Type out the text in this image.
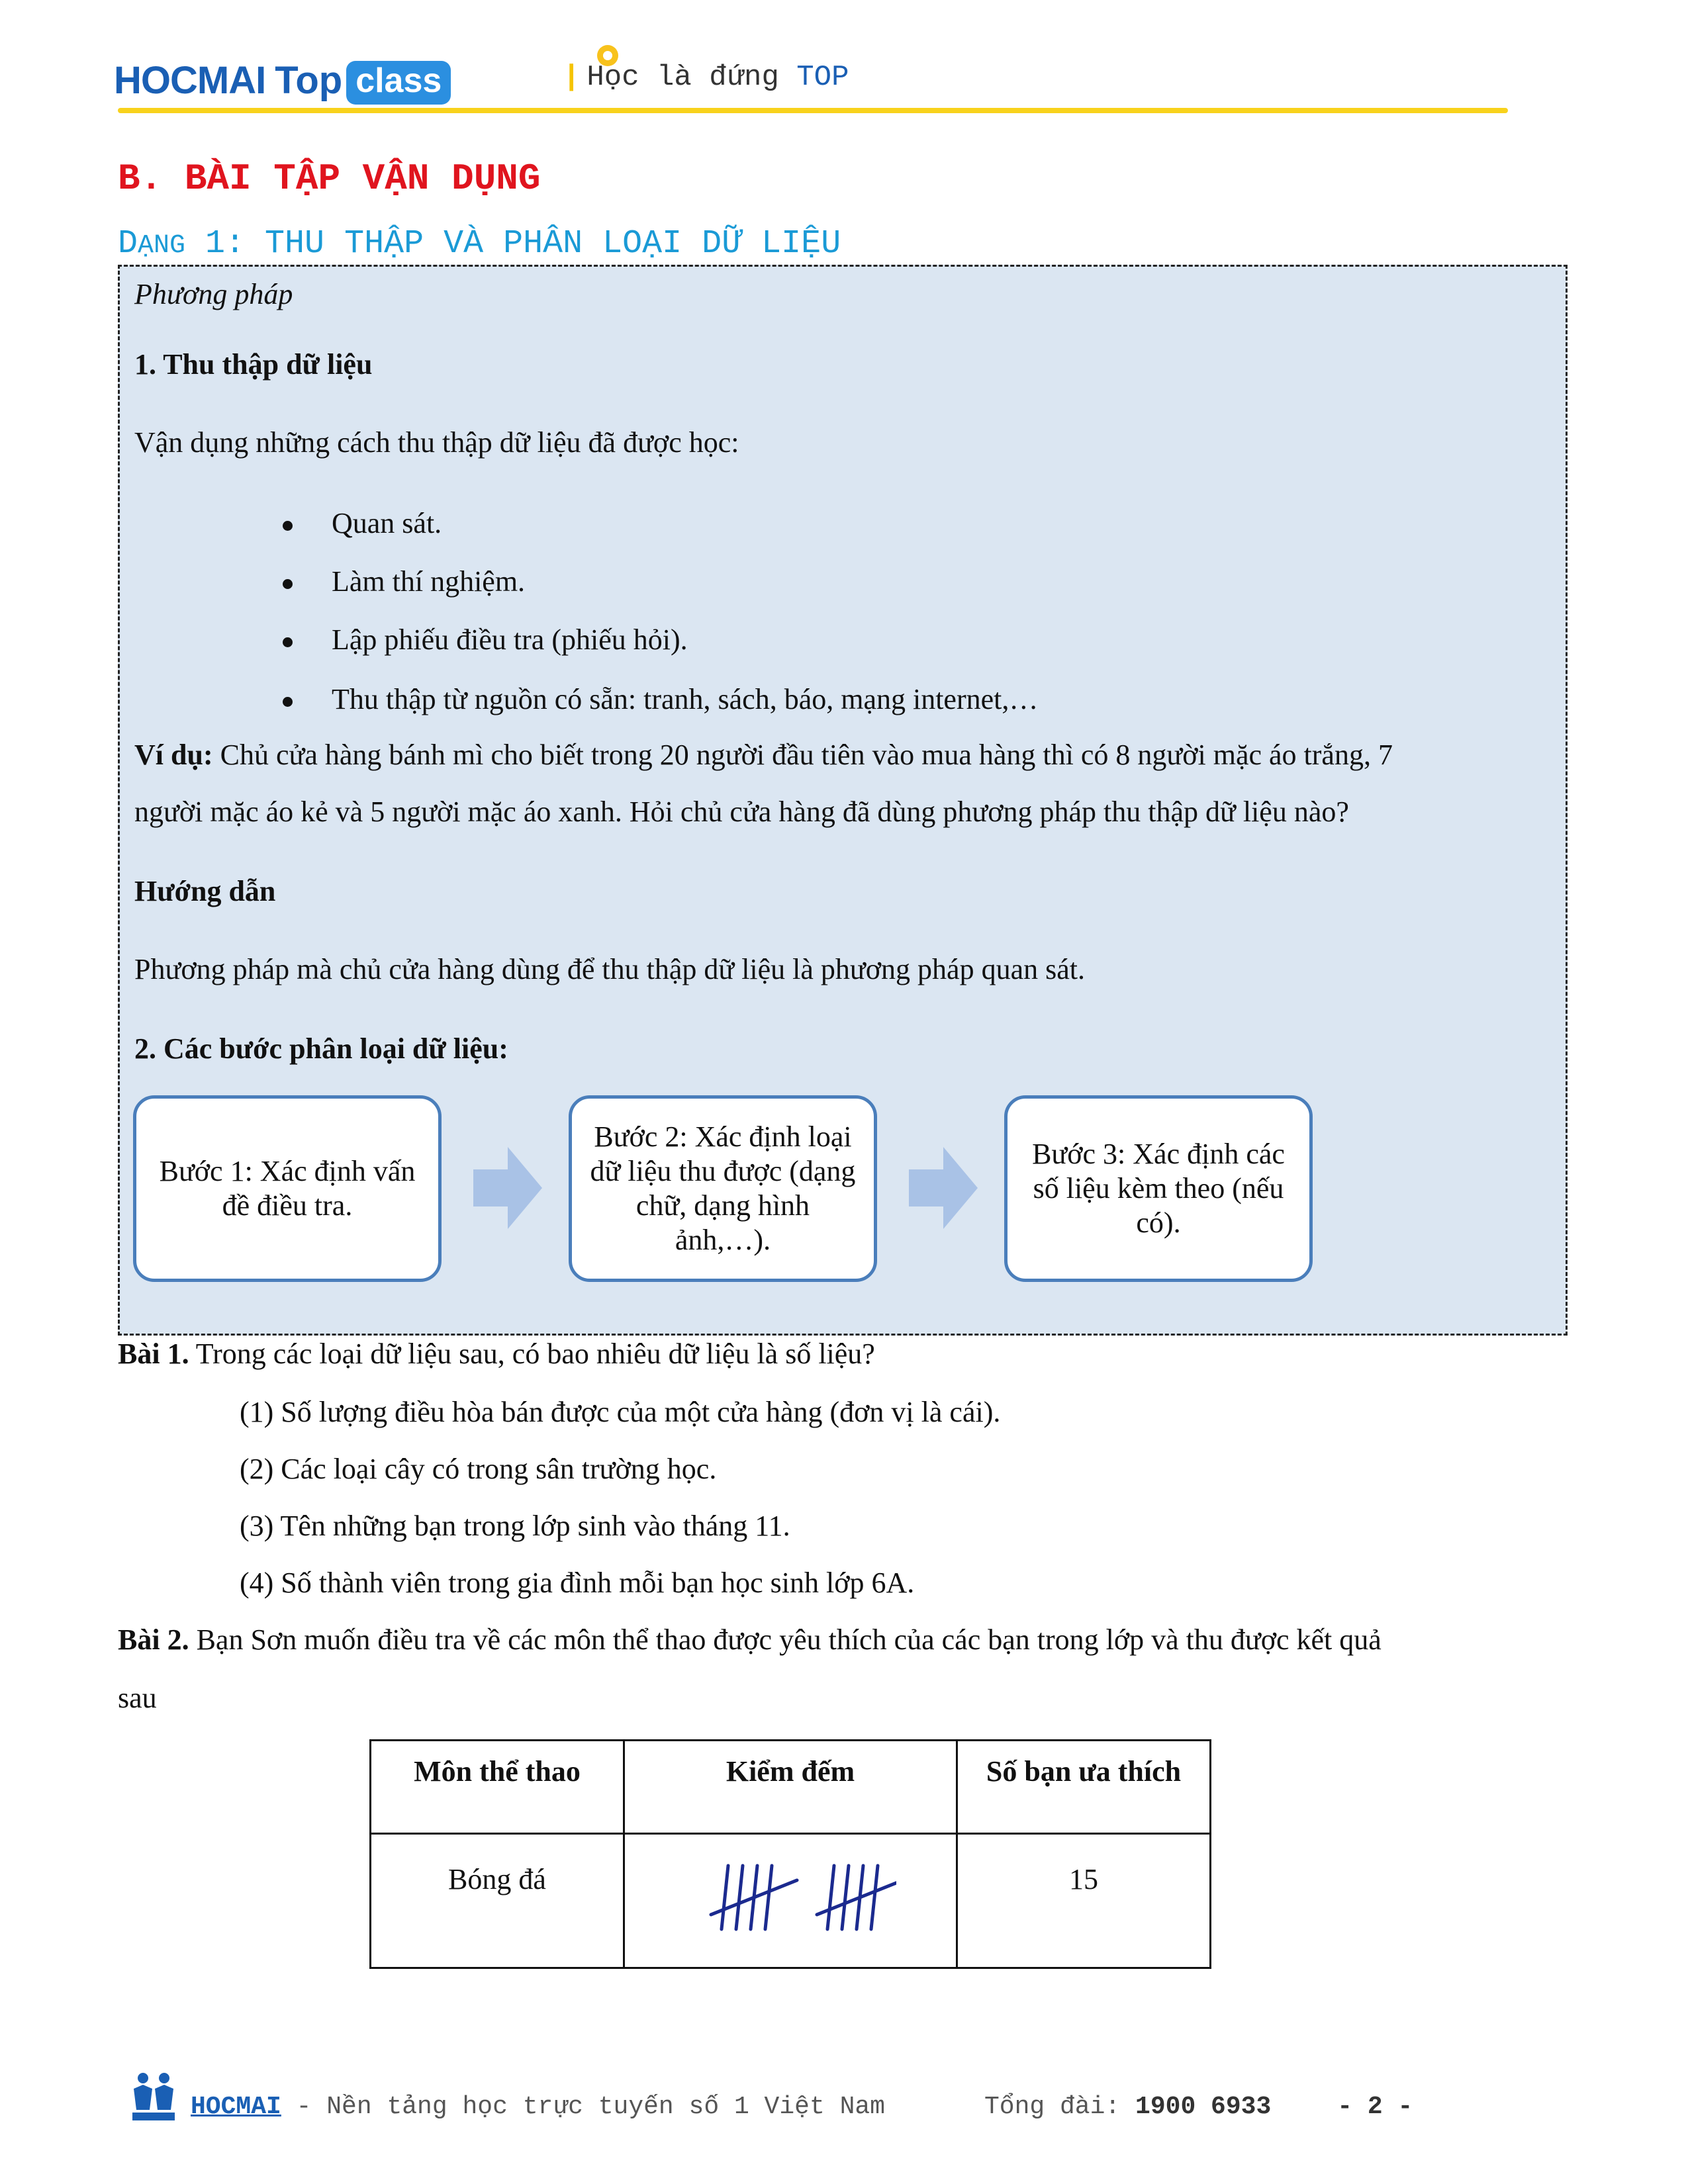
HOCMAI Top class	| Học là đứng TOP
B. BÀI TẬP VẬN DỤNG
DẠNG 1: THU THẬP VÀ PHÂN LOẠI DỮ LIỆU
Phương pháp
1. Thu thập dữ liệu
Vận dụng những cách thu thập dữ liệu đã được học:
Quan sát.
Làm thí nghiệm.
Lập phiếu điều tra (phiếu hỏi).
Thu thập từ nguồn có sẵn: tranh, sách, báo, mạng internet,…
Ví dụ: Chủ cửa hàng bánh mì cho biết trong 20 người đầu tiên vào mua hàng thì có 8 người mặc áo trắng, 7
người mặc áo kẻ và 5 người mặc áo xanh. Hỏi chủ cửa hàng đã dùng phương pháp thu thập dữ liệu nào?
Hướng dẫn
Phương pháp mà chủ cửa hàng dùng để thu thập dữ liệu là phương pháp quan sát.
2. Các bước phân loại dữ liệu:
Bước 1: Xác định vấn đề điều tra.
Bước 2: Xác định loại dữ liệu thu được (dạng chữ, dạng hình ảnh,…).
Bước 3: Xác định các số liệu kèm theo (nếu có).
Bài 1. Trong các loại dữ liệu sau, có bao nhiêu dữ liệu là số liệu?
(1) Số lượng điều hòa bán được của một cửa hàng (đơn vị là cái).
(2) Các loại cây có trong sân trường học.
(3) Tên những bạn trong lớp sinh vào tháng 11.
(4) Số thành viên trong gia đình mỗi bạn học sinh lớp 6A.
Bài 2. Bạn Sơn muốn điều tra về các môn thể thao được yêu thích của các bạn trong lớp và thu được kết quả
sau
Môn thể thao	Kiểm đếm	Số bạn ưa thích
Bóng đá		15
HOCMAI - Nền tảng học trực tuyến số 1 Việt Nam	Tổng đài: 1900 6933	- 2 -
